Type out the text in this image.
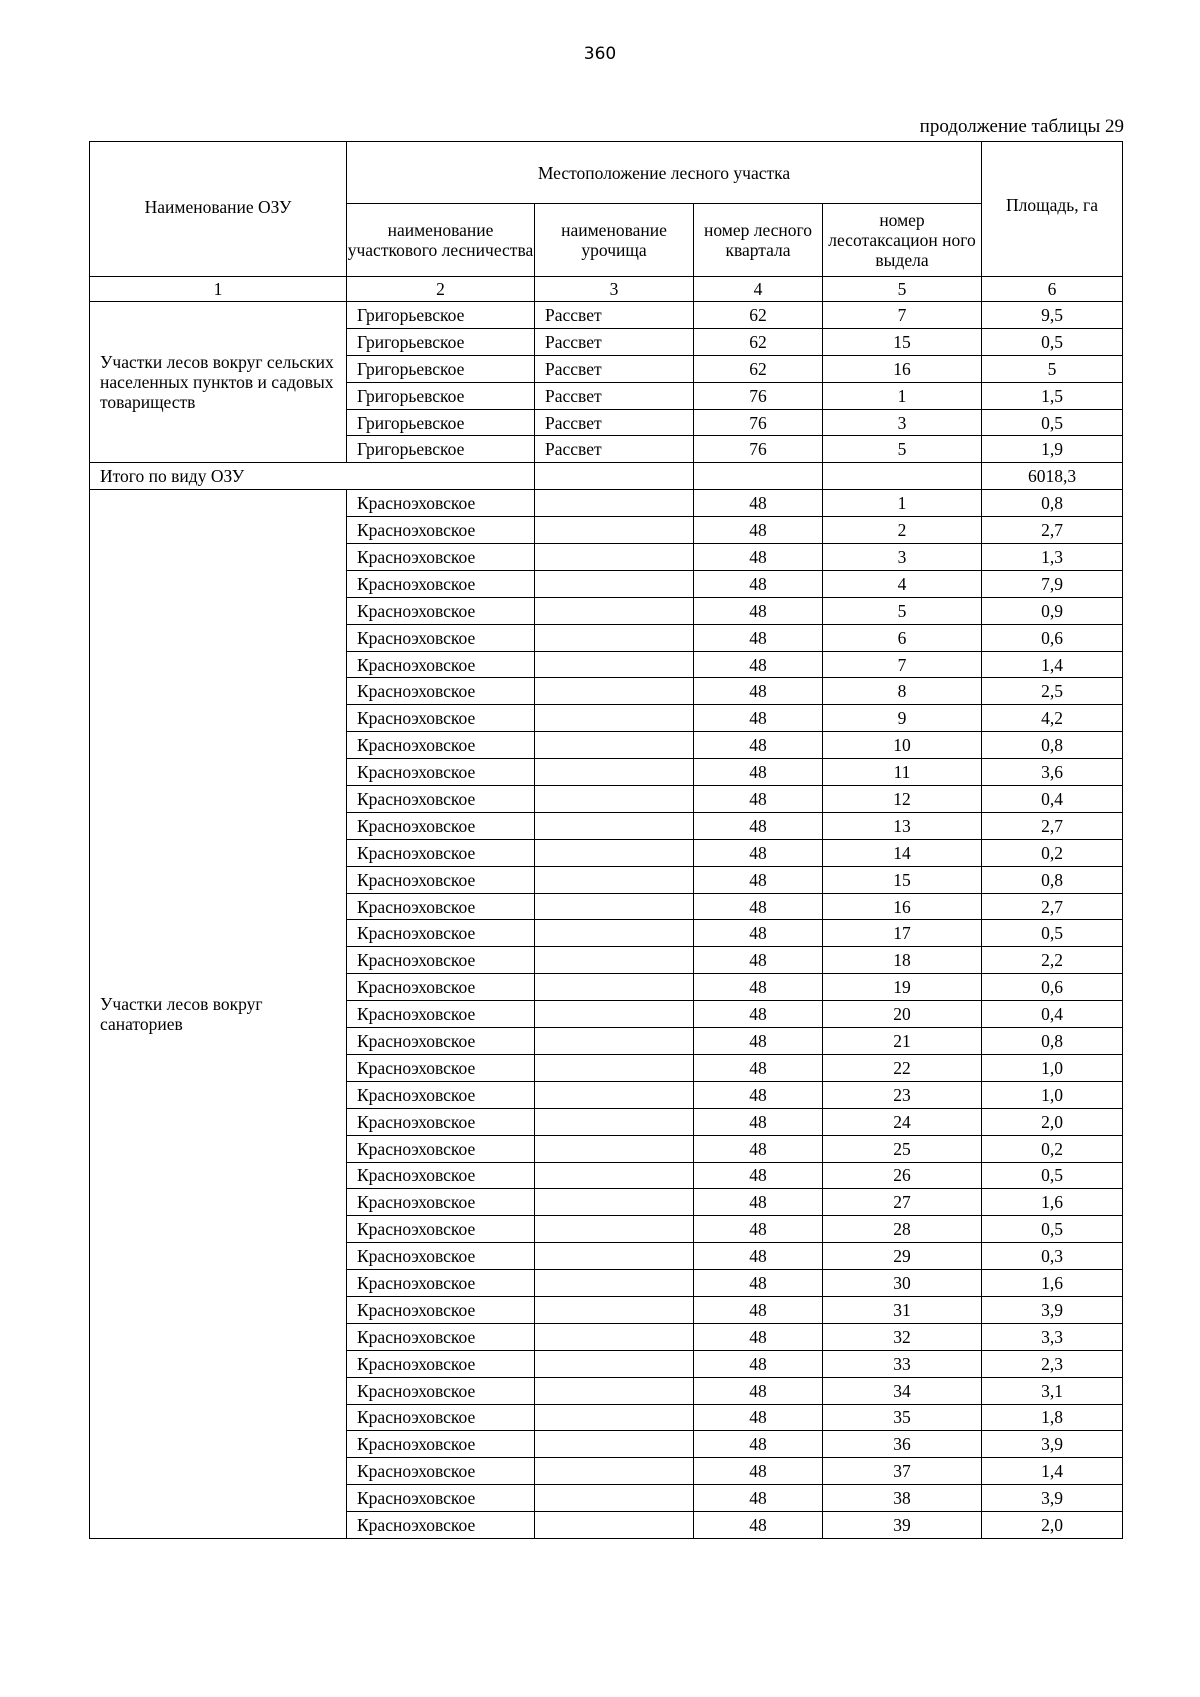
360
продолжение таблицы 29
Наименование ОЗУ	Местоположение лесного участка				Площадь, га
	наименование участкового лесничества	наименование урочища	номер лесного квартала	номер лесотаксацион ного выдела	
1	2	3	4	5	6
Участки лесов вокруг сельских населенных пунктов и садовых товариществ	Григорьевское	Рассвет	62	7	9,5
	Григорьевское	Рассвет	62	15	0,5
	Григорьевское	Рассвет	62	16	5
	Григорьевское	Рассвет	76	1	1,5
	Григорьевское	Рассвет	76	3	0,5
	Григорьевское	Рассвет	76	5	1,9
Итого по виду ОЗУ					6018,3
Участки лесов вокруг санаториев	Красноэховское		48	1	0,8
	Красноэховское		48	2	2,7
	Красноэховское		48	3	1,3
	Красноэховское		48	4	7,9
	Красноэховское		48	5	0,9
	Красноэховское		48	6	0,6
	Красноэховское		48	7	1,4
	Красноэховское		48	8	2,5
	Красноэховское		48	9	4,2
	Красноэховское		48	10	0,8
	Красноэховское		48	11	3,6
	Красноэховское		48	12	0,4
	Красноэховское		48	13	2,7
	Красноэховское		48	14	0,2
	Красноэховское		48	15	0,8
	Красноэховское		48	16	2,7
	Красноэховское		48	17	0,5
	Красноэховское		48	18	2,2
	Красноэховское		48	19	0,6
	Красноэховское		48	20	0,4
	Красноэховское		48	21	0,8
	Красноэховское		48	22	1,0
	Красноэховское		48	23	1,0
	Красноэховское		48	24	2,0
	Красноэховское		48	25	0,2
	Красноэховское		48	26	0,5
	Красноэховское		48	27	1,6
	Красноэховское		48	28	0,5
	Красноэховское		48	29	0,3
	Красноэховское		48	30	1,6
	Красноэховское		48	31	3,9
	Красноэховское		48	32	3,3
	Красноэховское		48	33	2,3
	Красноэховское		48	34	3,1
	Красноэховское		48	35	1,8
	Красноэховское		48	36	3,9
	Красноэховское		48	37	1,4
	Красноэховское		48	38	3,9
	Красноэховское		48	39	2,0
